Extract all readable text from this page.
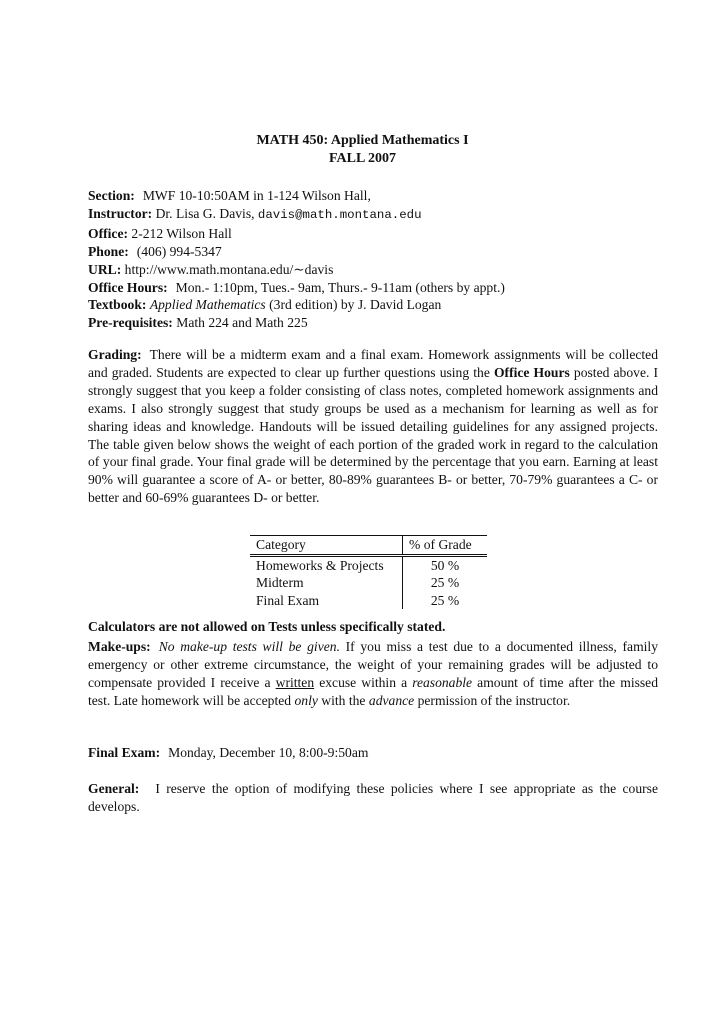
MATH 450: Applied Mathematics I
FALL 2007
Section: MWF 10-10:50AM in 1-124 Wilson Hall,
Instructor: Dr. Lisa G. Davis, davis@math.montana.edu
Office: 2-212 Wilson Hall
Phone: (406) 994-5347
URL: http://www.math.montana.edu/∼davis
Office Hours: Mon.- 1:10pm, Tues.- 9am, Thurs.- 9-11am (others by appt.)
Textbook: Applied Mathematics (3rd edition) by J. David Logan
Pre-requisites: Math 224 and Math 225
Grading: There will be a midterm exam and a final exam. Homework assignments will be collected and graded. Students are expected to clear up further questions using the Office Hours posted above. I strongly suggest that you keep a folder consisting of class notes, completed homework assignments and exams. I also strongly suggest that study groups be used as a mechanism for learning as well as for sharing ideas and knowledge. Handouts will be issued detailing guidelines for any assigned projects. The table given below shows the weight of each portion of the graded work in regard to the calculation of your final grade. Your final grade will be determined by the percentage that you earn. Earning at least 90% will guarantee a score of A- or better, 80-89% guarantees B- or better, 70-79% guarantees a C- or better and 60-69% guarantees D- or better.
Category	% of Grade
Homeworks & Projects	50 %
Midterm	25 %
Final Exam	25 %
Calculators are not allowed on Tests unless specifically stated.
Make-ups: No make-up tests will be given. If you miss a test due to a documented illness, family emergency or other extreme circumstance, the weight of your remaining grades will be adjusted to compensate provided I receive a written excuse within a reasonable amount of time after the missed test. Late homework will be accepted only with the advance permission of the instructor.
Final Exam: Monday, December 10, 8:00-9:50am
General: I reserve the option of modifying these policies where I see appropriate as the course develops.
